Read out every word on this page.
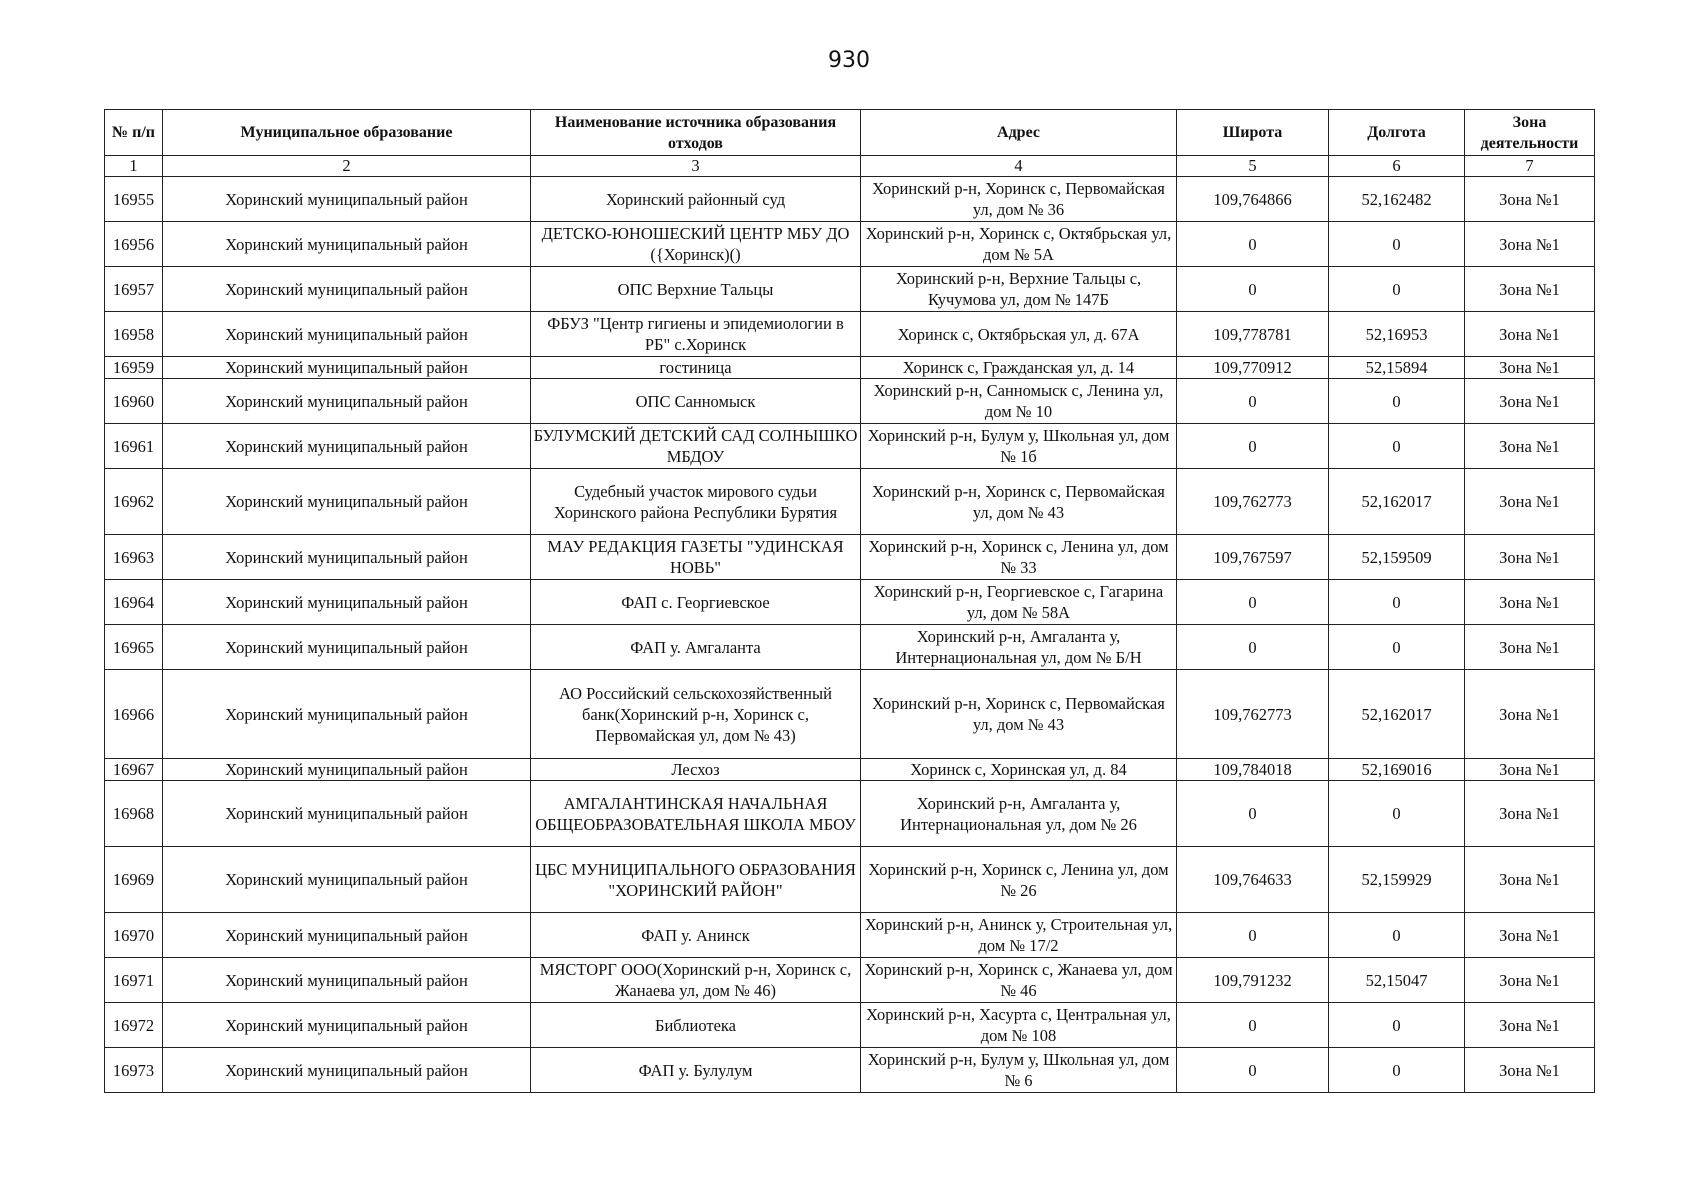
930
№ п/п	Муниципальное образование	Наименование источника образования отходов	Адрес	Широта	Долгота	Зона деятельности
1	2	3	4	5	6	7
16955	Хоринский муниципальный район	Хоринский районный суд	Хоринский р-н, Хоринск с, Первомайская ул, дом № 36	109,764866	52,162482	Зона №1
16956	Хоринский муниципальный район	ДЕТСКО-ЮНОШЕСКИЙ ЦЕНТР МБУ ДО ({Хоринск)()	Хоринский р-н, Хоринск с, Октябрьская ул, дом № 5А	0	0	Зона №1
16957	Хоринский муниципальный район	ОПС Верхние Тальцы	Хоринский р-н, Верхние Тальцы с, Кучумова ул, дом № 147Б	0	0	Зона №1
16958	Хоринский муниципальный район	ФБУЗ "Центр гигиены и эпидемиологии в РБ" с.Хоринск	Хоринск с, Октябрьская ул, д. 67А	109,778781	52,16953	Зона №1
16959	Хоринский муниципальный район	гостиница	Хоринск с, Гражданская ул, д. 14	109,770912	52,15894	Зона №1
16960	Хоринский муниципальный район	ОПС Санномыск	Хоринский р-н, Санномыск с, Ленина ул, дом № 10	0	0	Зона №1
16961	Хоринский муниципальный район	БУЛУМСКИЙ ДЕТСКИЙ САД СОЛНЫШКО МБДОУ	Хоринский р-н, Булум у, Школьная ул, дом № 1б	0	0	Зона №1
16962	Хоринский муниципальный район	Судебный участок мирового судьи Хоринского района Республики Бурятия	Хоринский р-н, Хоринск с, Первомайская ул, дом № 43	109,762773	52,162017	Зона №1
16963	Хоринский муниципальный район	МАУ РЕДАКЦИЯ ГАЗЕТЫ "УДИНСКАЯ НОВЬ"	Хоринский р-н, Хоринск с, Ленина ул, дом № 33	109,767597	52,159509	Зона №1
16964	Хоринский муниципальный район	ФАП с. Георгиевское	Хоринский р-н, Георгиевское с, Гагарина ул, дом № 58А	0	0	Зона №1
16965	Хоринский муниципальный район	ФАП у. Амгаланта	Хоринский р-н, Амгаланта у, Интернациональная ул, дом № Б/Н	0	0	Зона №1
16966	Хоринский муниципальный район	АО Российский сельскохозяйственный банк(Хоринский р-н, Хоринск с, Первомайская ул, дом № 43)	Хоринский р-н, Хоринск с, Первомайская ул, дом № 43	109,762773	52,162017	Зона №1
16967	Хоринский муниципальный район	Лесхоз	Хоринск с, Хоринская ул, д. 84	109,784018	52,169016	Зона №1
16968	Хоринский муниципальный район	АМГАЛАНТИНСКАЯ НАЧАЛЬНАЯ ОБЩЕОБРАЗОВАТЕЛЬНАЯ ШКОЛА МБОУ	Хоринский р-н, Амгаланта у, Интернациональная ул, дом № 26	0	0	Зона №1
16969	Хоринский муниципальный район	ЦБС МУНИЦИПАЛЬНОГО ОБРАЗОВАНИЯ "ХОРИНСКИЙ РАЙОН"	Хоринский р-н, Хоринск с, Ленина ул, дом № 26	109,764633	52,159929	Зона №1
16970	Хоринский муниципальный район	ФАП у. Анинск	Хоринский р-н, Анинск у, Строительная ул, дом № 17/2	0	0	Зона №1
16971	Хоринский муниципальный район	МЯСТОРГ ООО(Хоринский р-н, Хоринск с, Жанаева ул, дом № 46)	Хоринский р-н, Хоринск с, Жанаева ул, дом № 46	109,791232	52,15047	Зона №1
16972	Хоринский муниципальный район	Библиотека	Хоринский р-н, Хасурта с, Центральная ул, дом № 108	0	0	Зона №1
16973	Хоринский муниципальный район	ФАП у. Булулум	Хоринский р-н, Булум у, Школьная ул, дом № 6	0	0	Зона №1
